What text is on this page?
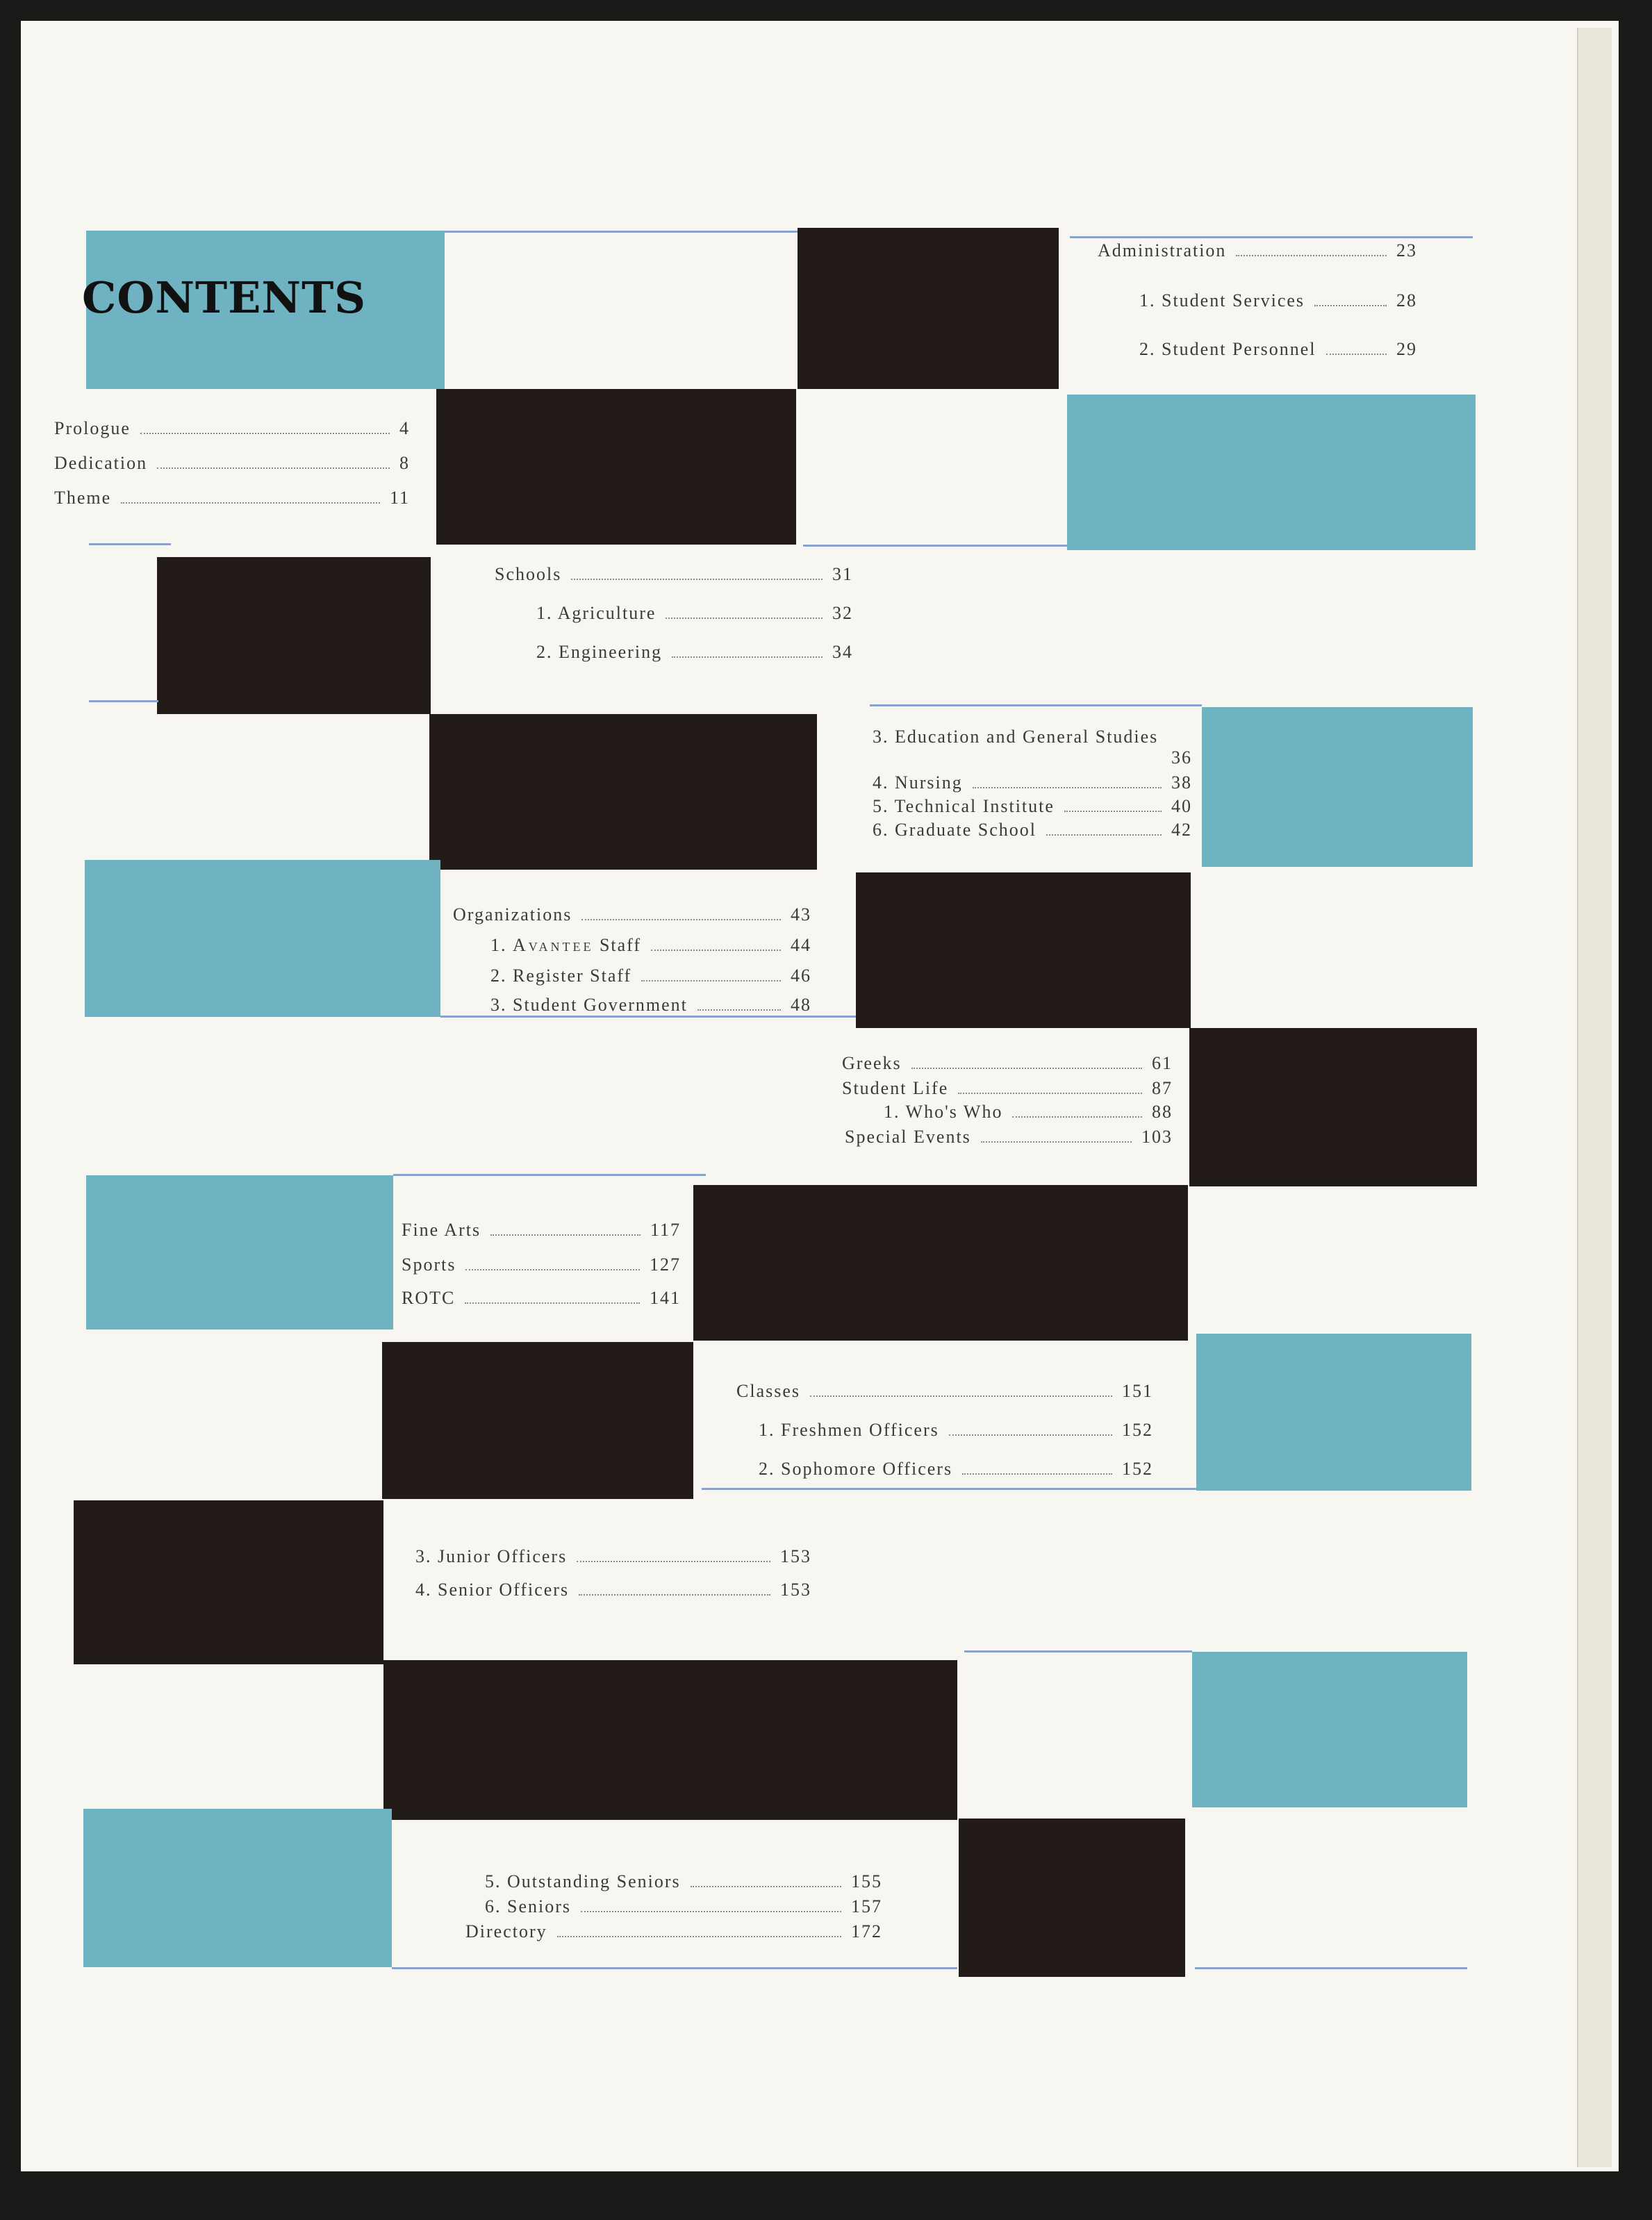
CONTENTS
Administration	23
1. Student Services	28
2. Student Personnel	29
Prologue	4
Dedication	8
Theme	11
Schools	31
1. Agriculture	32
2. Engineering	34
3. Education and General Studies
36
4. Nursing	38
5. Technical Institute	40
6. Graduate School	42
Organizations	43
1. Avantee Staff	44
2. Register Staff	46
3. Student Government	48
Greeks	61
Student Life	87
1. Who's Who	88
Special Events	103
Fine Arts	117
Sports	127
ROTC	141
Classes	151
1. Freshmen Officers	152
2. Sophomore Officers	152
3. Junior Officers	153
4. Senior Officers	153
5. Outstanding Seniors	155
6. Seniors	157
Directory	172
